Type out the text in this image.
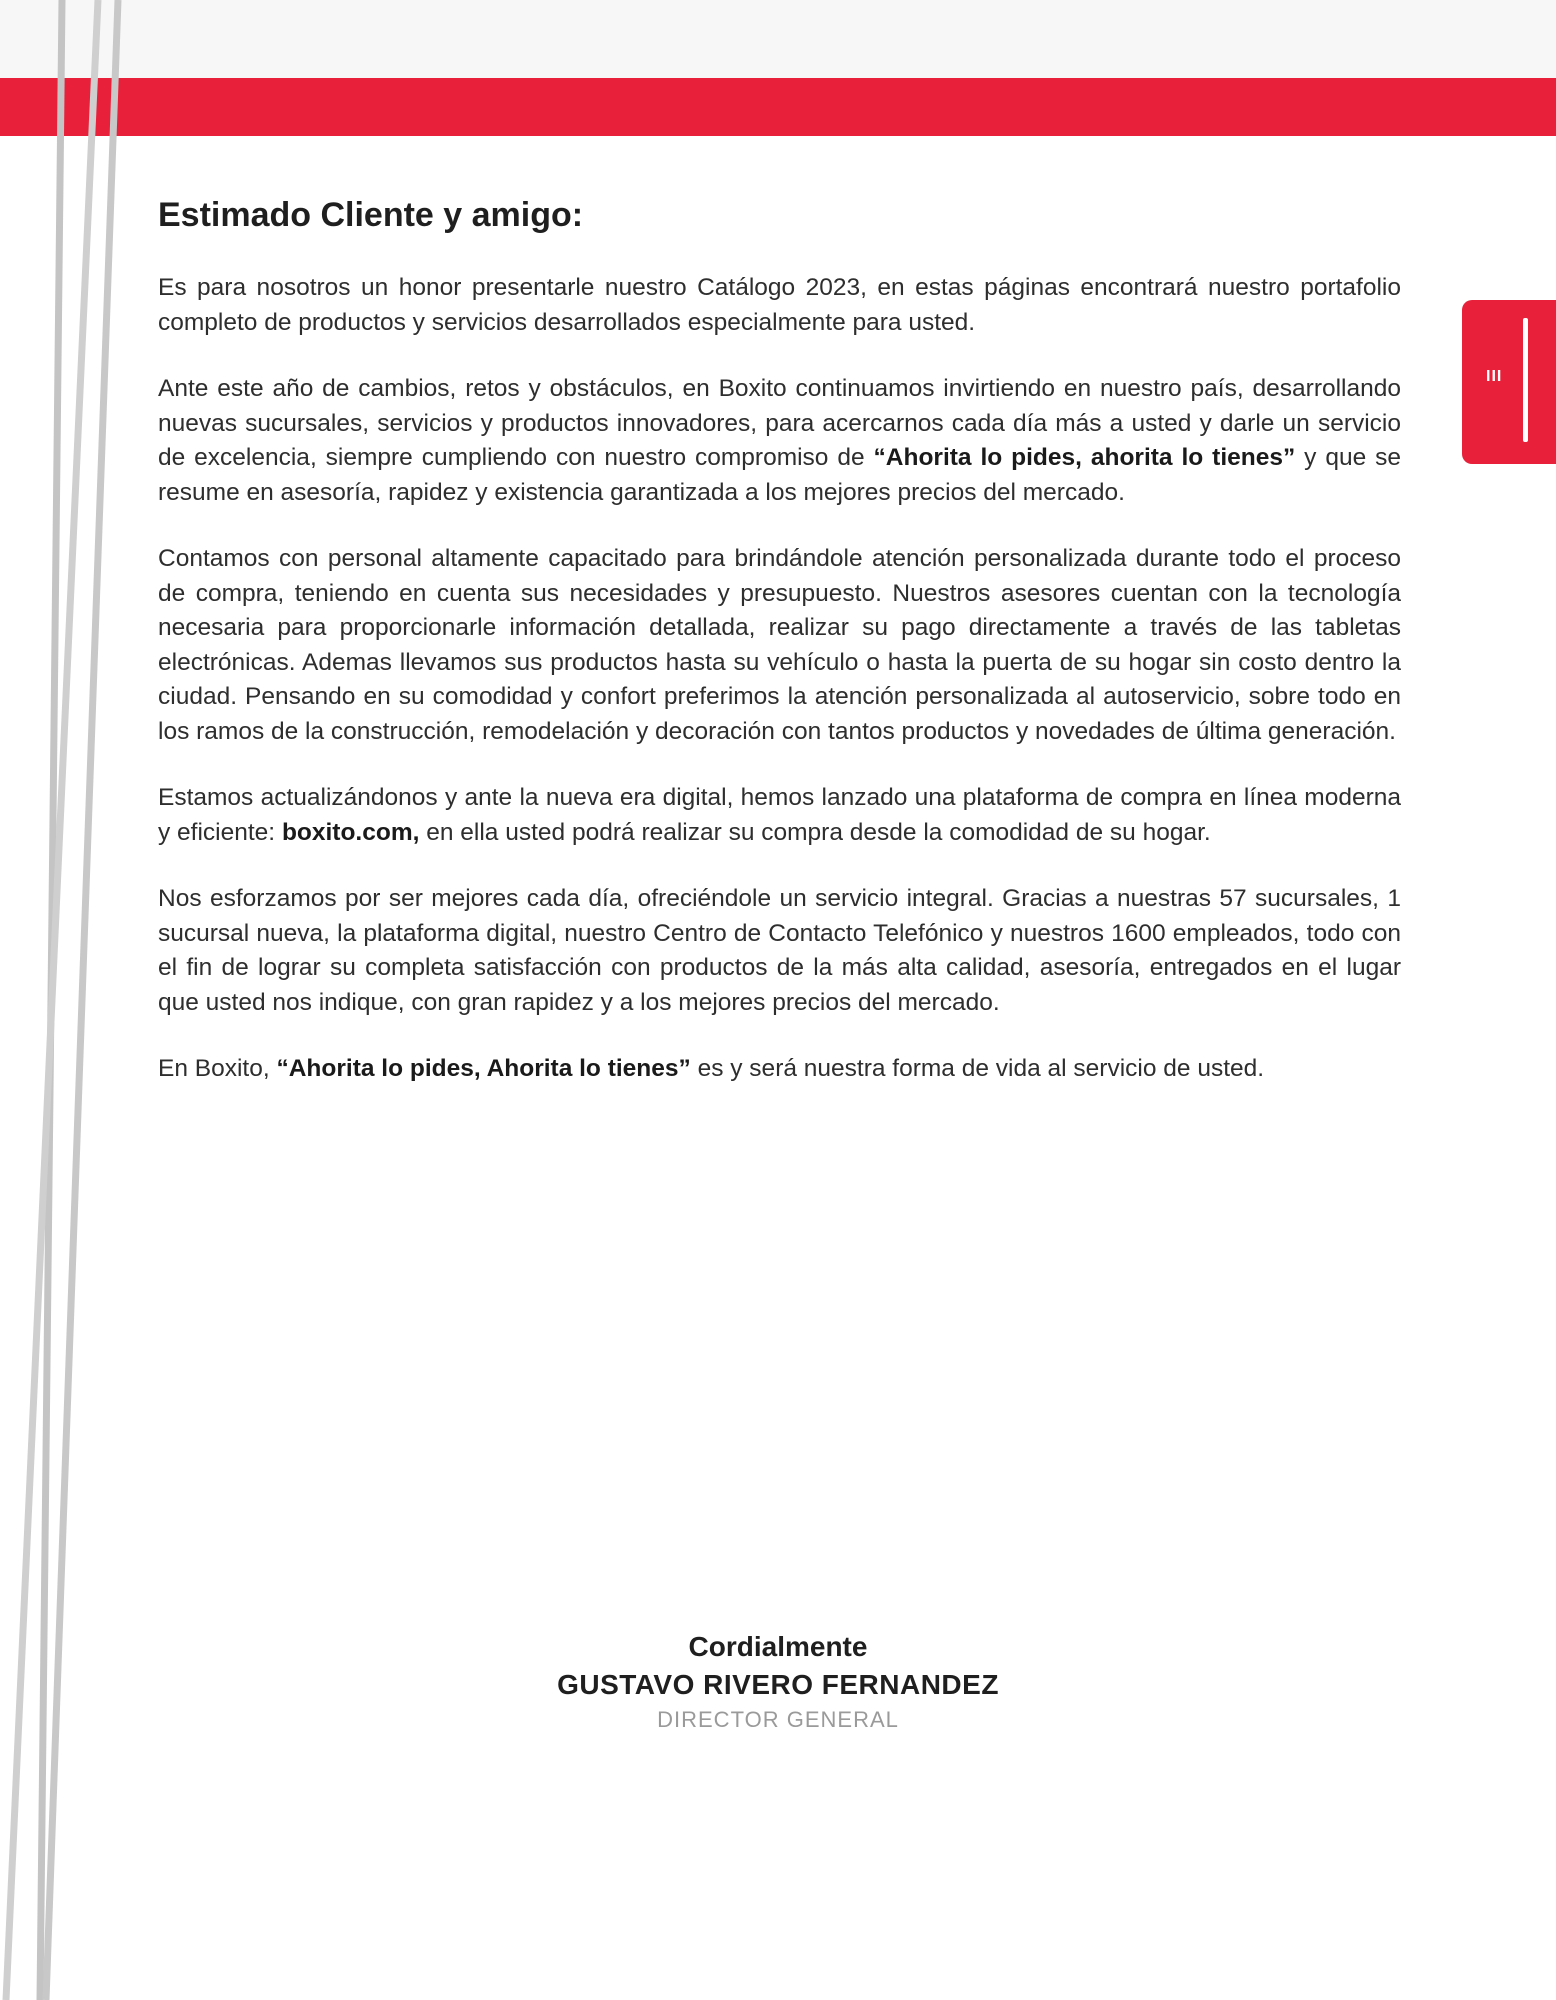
III
Estimado Cliente y amigo:

Es para nosotros un honor presentarle nuestro Catálogo 2023, en estas páginas encontrará nuestro portafolio completo de productos y servicios desarrollados especialmente para usted.

Ante este año de cambios, retos y obstáculos, en Boxito continuamos invirtiendo en nuestro país, desarrollando nuevas sucursales, servicios y productos innovadores, para acercarnos cada día más a usted y darle un servicio de excelencia, siempre cumpliendo con nuestro compromiso de “Ahorita lo pides, ahorita lo tienes” y que se resume en asesoría, rapidez y existencia garantizada a los mejores precios del mercado.

Contamos con personal altamente capacitado para brindándole atención personalizada durante todo el proceso de compra, teniendo en cuenta sus necesidades y presupuesto. Nuestros asesores cuentan con la tecnología necesaria para proporcionarle información detallada, realizar su pago directamente a través de las tabletas electrónicas. Ademas llevamos sus productos hasta su vehículo o hasta la puerta de su hogar sin costo dentro la ciudad. Pensando en su comodidad y confort preferimos la atención personalizada al autoservicio, sobre todo en los ramos de la construcción, remodelación y decoración con tantos productos y novedades de última generación.

Estamos actualizándonos y ante la nueva era digital, hemos lanzado una plataforma de compra en línea moderna y eficiente: boxito.com, en ella usted podrá realizar su compra desde la comodidad de su hogar.

Nos esforzamos por ser mejores cada día, ofreciéndole un servicio integral. Gracias a nuestras 57 sucursales, 1 sucursal nueva, la plataforma digital, nuestro Centro de Contacto Telefónico y nuestros 1600 empleados, todo con el fin de lograr su completa satisfacción con productos de la más alta calidad, asesoría, entregados en el lugar que usted nos indique, con gran rapidez y a los mejores precios del mercado.

En Boxito, “Ahorita lo pides, Ahorita lo tienes” es y será nuestra forma de vida al servicio de usted.

Cordialmente
GUSTAVO RIVERO FERNANDEZ
DIRECTOR GENERAL
